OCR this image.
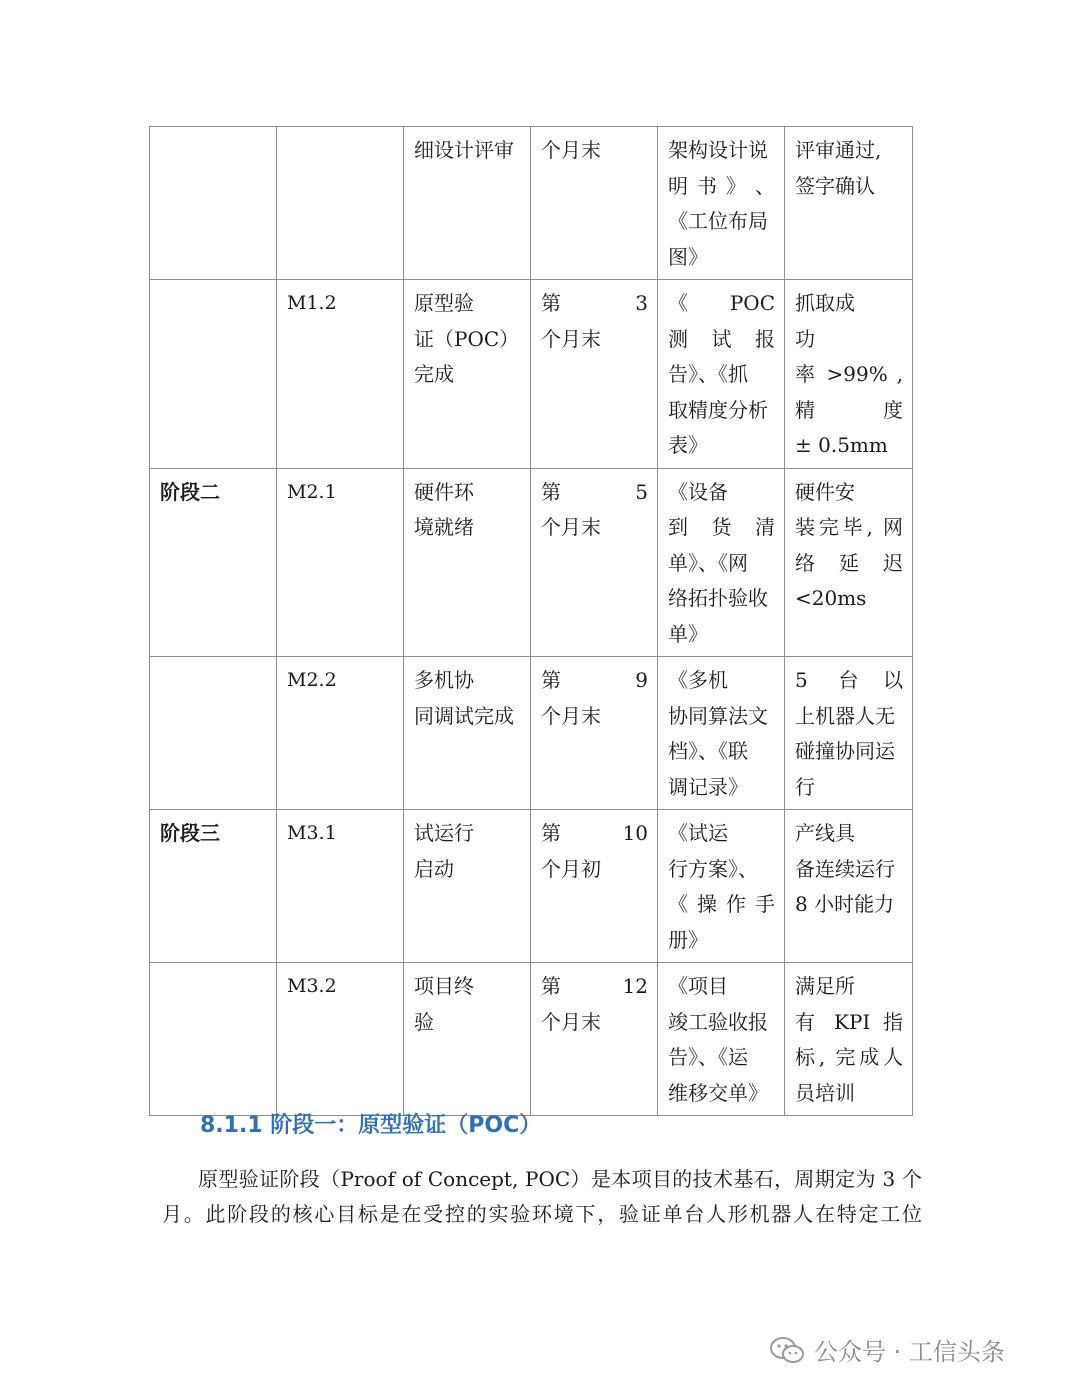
		细设计评审	个月末	架构设计说
明 书 》 、
《工位布局
图》	评审通过,
签字确认

	M1.2	原型验
证（POC）
完成	第 3
个月末	《 POC
测 试 报
告》、《抓
取精度分析
表》	抓取成
功
率 >99% ,
精 度
± 0.5mm

阶段二	M2.1	硬件环
境就绪	第 5
个月末	《设备
到 货 清
单》、《网
络拓扑验收
单》	硬件安
装完毕, 网
络 延 迟
<20ms

	M2.2	多机协
同调试完成	第 9
个月末	《多机
协同算法文
档》、《联
调记录》	5 台以
上机器人无
碰撞协同运
行

阶段三	M3.1	试运行
启动	第 10
个月初	《试运
行方案》、
《 操 作 手
册》	产线具
备连续运行
8 小时能力

	M3.2	项目终
验	第 12
个月末	《项目
竣工验收报
告》、《运
维移交单》	满足所
有 KPI 指
标, 完成人
员培训
8.1.1 阶段一：原型验证（POC）
原型验证阶段（Proof of Concept, POC）是本项目的技术基石，周期定为 3 个
月。此阶段的核心目标是在受控的实验环境下，验证单台人形机器人在特定工位
公众号 · 工信头条
